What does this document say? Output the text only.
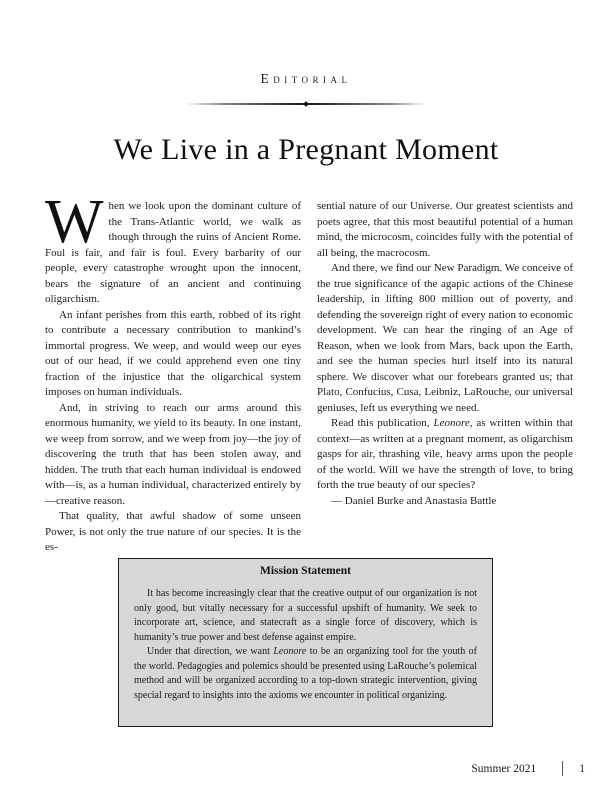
Editorial
We Live in a Pregnant Moment

When we look upon the dominant culture of the Trans-Atlantic world, we walk as though through the ruins of Ancient Rome. Foul is fair, and fair is foul. Every barbarity of our people, every catastrophe wrought upon the innocent, bears the signature of an ancient and continuing oligarchism.

An infant perishes from this earth, robbed of its right to contribute a necessary contribution to mankind’s immortal progress. We weep, and would weep our eyes out of our head, if we could apprehend even one tiny fraction of the injustice that the oligarchical system imposes on human individuals.

And, in striving to reach our arms around this enormous humanity, we yield to its beauty. In one instant, we weep from sorrow, and we weep from joy—the joy of discovering the truth that has been stolen away, and hidden. The truth that each human individual is endowed with—is, as a human individual, characterized entirely by—creative reason.

That quality, that awful shadow of some unseen Power, is not only the true nature of our species. It is the es-

sential nature of our Universe. Our greatest scientists and poets agree, that this most beautiful potential of a human mind, the microcosm, coincides fully with the potential of all being, the macrocosm.

And there, we find our New Paradigm. We conceive of the true significance of the agapic actions of the Chinese leadership, in lifting 800 million out of poverty, and defending the sovereign right of every nation to economic development. We can hear the ringing of an Age of Reason, when we look from Mars, back upon the Earth, and see the human species hurl itself into its natural sphere. We discover what our forebears granted us; that Plato, Confucius, Cusa, Leibniz, LaRouche, our universal geniuses, left us everything we need.

Read this publication, Leonore, as written within that context—as written at a pregnant moment, as oligarchism gasps for air, thrashing vile, heavy arms upon the people of the world. Will we have the strength of love, to bring forth the true beauty of our species?

— Daniel Burke and Anastasia Battle

Mission Statement

It has become increasingly clear that the creative output of our organization is not only good, but vitally necessary for a successful upshift of humanity. We seek to incorporate art, science, and statecraft as a single force of discovery, which is humanity’s true power and best defense against empire.

Under that direction, we want Leonore to be an organizing tool for the youth of the world. Pedagogies and polemics should be presented using LaRouche’s polemical method and will be organized according to a top-down strategic intervention, giving special regard to insights into the axioms we encounter in political organizing.

Summer 2021	1
